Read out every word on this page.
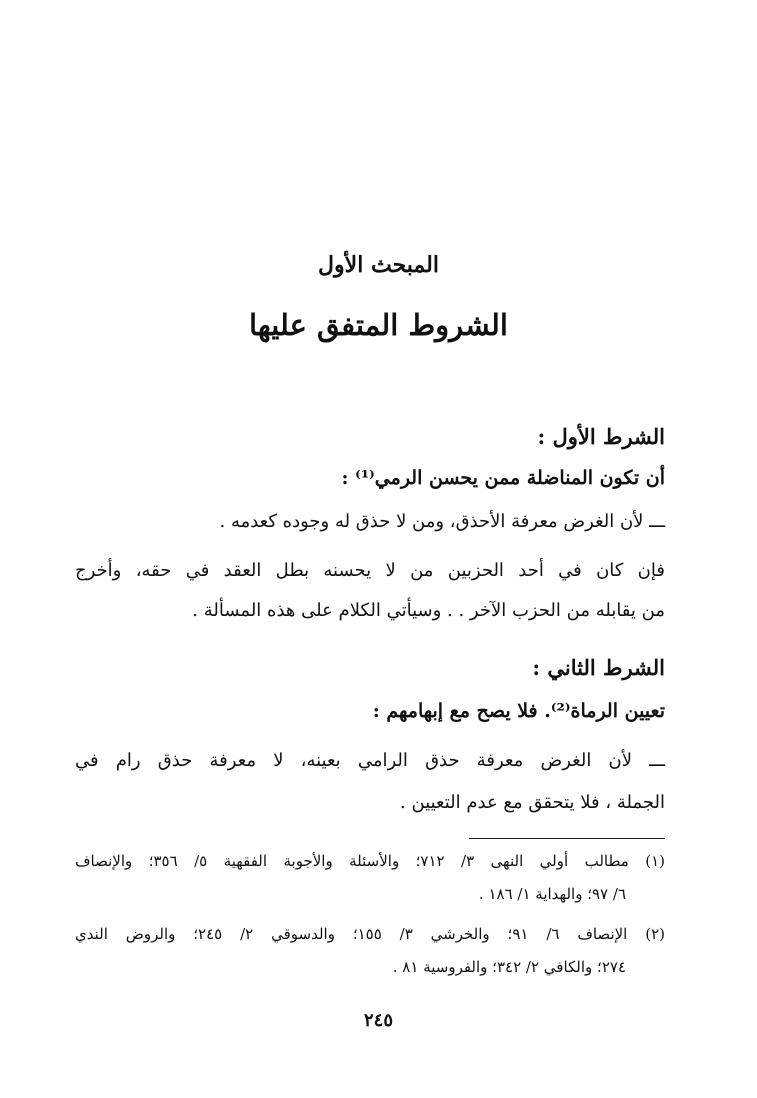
المبحث الأول
الشروط المتفق عليها
الشرط الأول :
أن تكون المناضلة ممن يحسن الرمي⁽¹⁾ :
ـــ لأن الغرض معرفة الأحذق، ومن لا حذق له وجوده كعدمه .
فإن كان في أحد الحزبين من لا يحسنه بطل العقد في حقه، وأخرج
من يقابله من الحزب الآخر . . وسيأتي الكلام على هذه المسألة .
الشرط الثاني :
تعيين الرماة⁽²⁾. فلا يصح مع إبهامهم :
ـــ لأن الغرض معرفة حذق الرامي بعينه، لا معرفة حذق رام في
الجملة ، فلا يتحقق مع عدم التعيين .
(١) مطالب أولي النهى ٣/ ٧١٢؛ والأسئلة والأجوبة الفقهية ٥/ ٣٥٦؛ والإنصاف
٦/ ٩٧؛ والهداية ١/ ١٨٦ .
(٢) الإنصاف ٦/ ٩١؛ والخرشي ٣/ ١٥٥؛ والدسوقي ٢/ ٢٤٥؛ والروض الندي
٢٧٤؛ والكافي ٢/ ٣٤٢؛ والفروسية ٨١ .
٢٤٥
